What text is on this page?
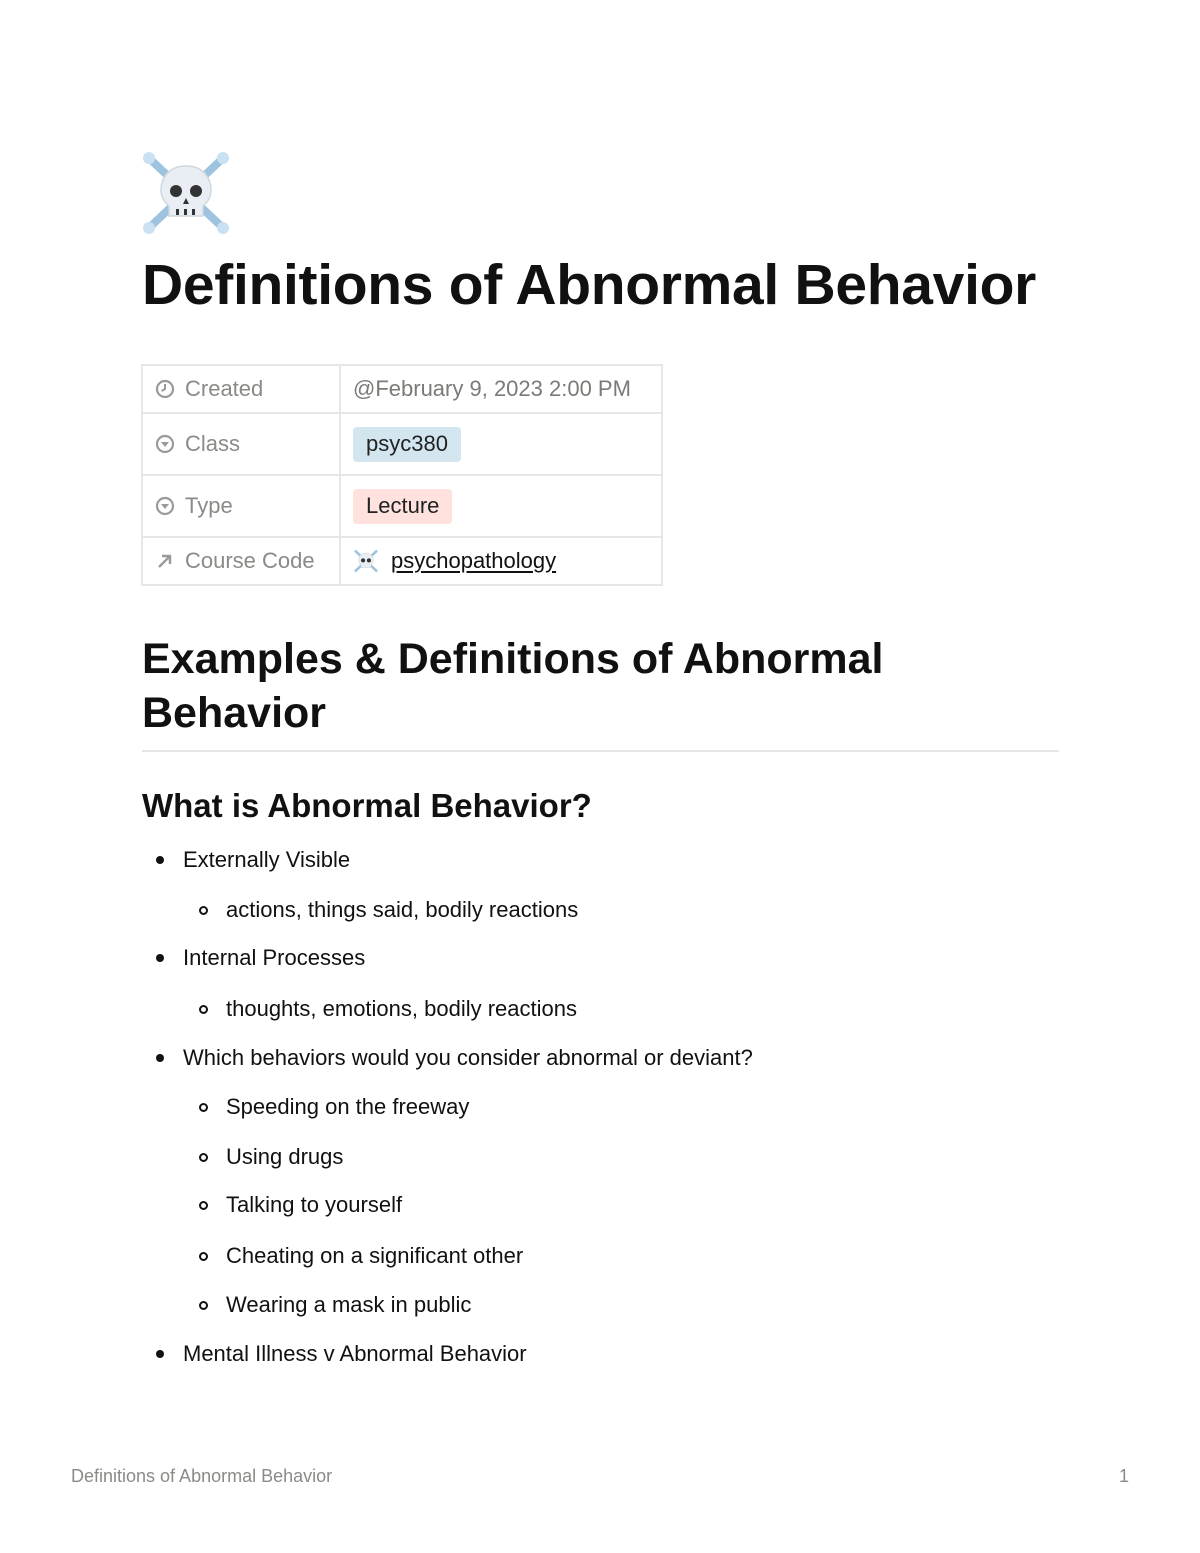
Definitions of Abnormal Behavior
Created	@February 9, 2023 2:00 PM

Class	psyc380

Type	Lecture

Course Code	psychopathology
Examples & Definitions of Abnormal Behavior
What is Abnormal Behavior?
Externally Visible
actions, things said, bodily reactions
Internal Processes
thoughts, emotions, bodily reactions
Which behaviors would you consider abnormal or deviant?
Speeding on the freeway
Using drugs
Talking to yourself
Cheating on a significant other
Wearing a mask in public
Mental Illness v Abnormal Behavior
Definitions of Abnormal Behavior	1
